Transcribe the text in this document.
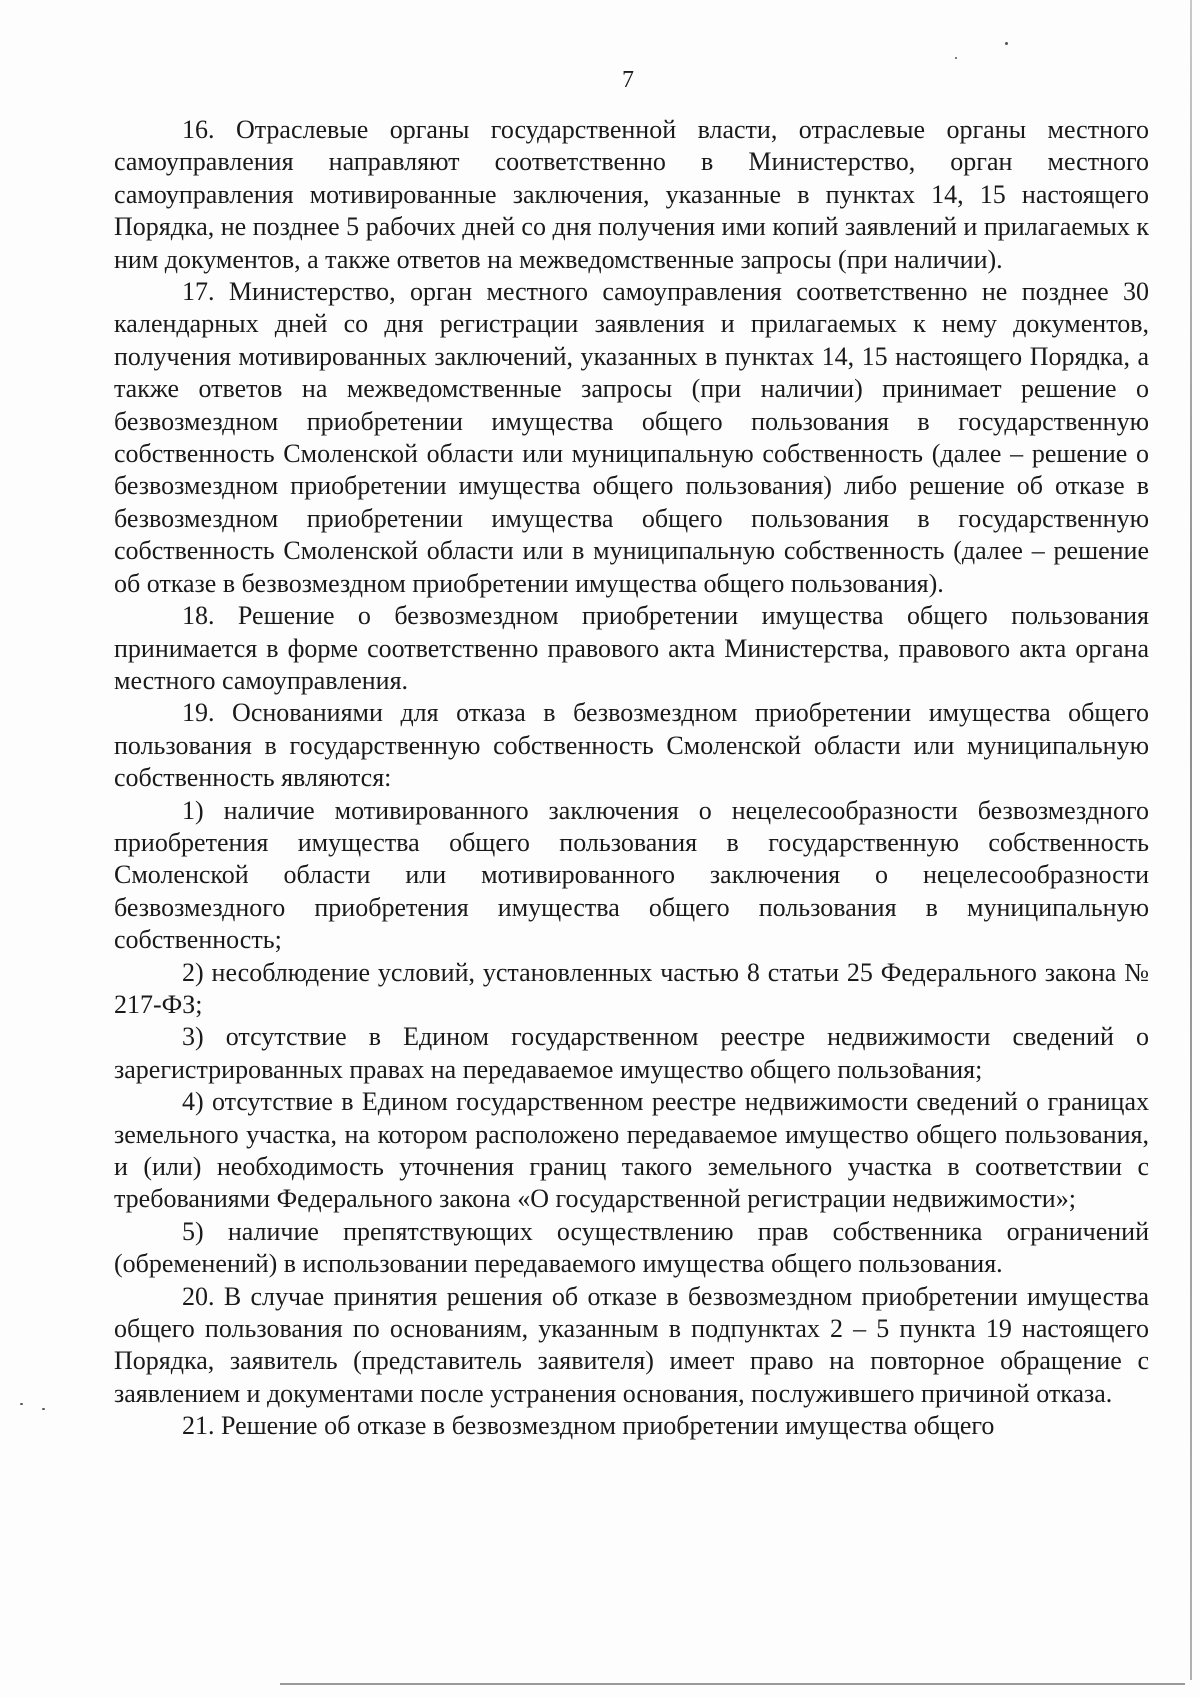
7

16. Отраслевые органы государственной власти, отраслевые органы местного самоуправления направляют соответственно в Министерство, орган местного самоуправления мотивированные заключения, указанные в пунктах 14, 15 настоящего Порядка, не позднее 5 рабочих дней со дня получения ими копий заявлений и прилагаемых к ним документов, а также ответов на межведомственные запросы (при наличии).

17. Министерство, орган местного самоуправления соответственно не позднее 30 календарных дней со дня регистрации заявления и прилагаемых к нему документов, получения мотивированных заключений, указанных в пунктах 14, 15 настоящего Порядка, а также ответов на межведомственные запросы (при наличии) принимает решение о безвозмездном приобретении имущества общего пользования в государственную собственность Смоленской области или муниципальную собственность (далее – решение о безвозмездном приобретении имущества общего пользования) либо решение об отказе в безвозмездном приобретении имущества общего пользования в государственную собственность Смоленской области или в муниципальную собственность (далее – решение об отказе в безвозмездном приобретении имущества общего пользования).

18. Решение о безвозмездном приобретении имущества общего пользования принимается в форме соответственно правового акта Министерства, правового акта органа местного самоуправления.

19. Основаниями для отказа в безвозмездном приобретении имущества общего пользования в государственную собственность Смоленской области или муниципальную собственность являются:

1) наличие мотивированного заключения о нецелесообразности безвозмездного приобретения имущества общего пользования в государственную собственность Смоленской области или мотивированного заключения о нецелесообразности безвозмездного приобретения имущества общего пользования в муниципальную собственность;

2) несоблюдение условий, установленных частью 8 статьи 25 Федерального закона № 217-ФЗ;

3) отсутствие в Едином государственном реестре недвижимости сведений о зарегистрированных правах на передаваемое имущество общего пользования;

4) отсутствие в Едином государственном реестре недвижимости сведений о границах земельного участка, на котором расположено передаваемое имущество общего пользования, и (или) необходимость уточнения границ такого земельного участка в соответствии с требованиями Федерального закона «О государственной регистрации недвижимости»;

5) наличие препятствующих осуществлению прав собственника ограничений (обременений) в использовании передаваемого имущества общего пользования.

20. В случае принятия решения об отказе в безвозмездном приобретении имущества общего пользования по основаниям, указанным в подпунктах 2 – 5 пункта 19 настоящего Порядка, заявитель (представитель заявителя) имеет право на повторное обращение с заявлением и документами после устранения основания, послужившего причиной отказа.

21. Решение об отказе в безвозмездном приобретении имущества общего
